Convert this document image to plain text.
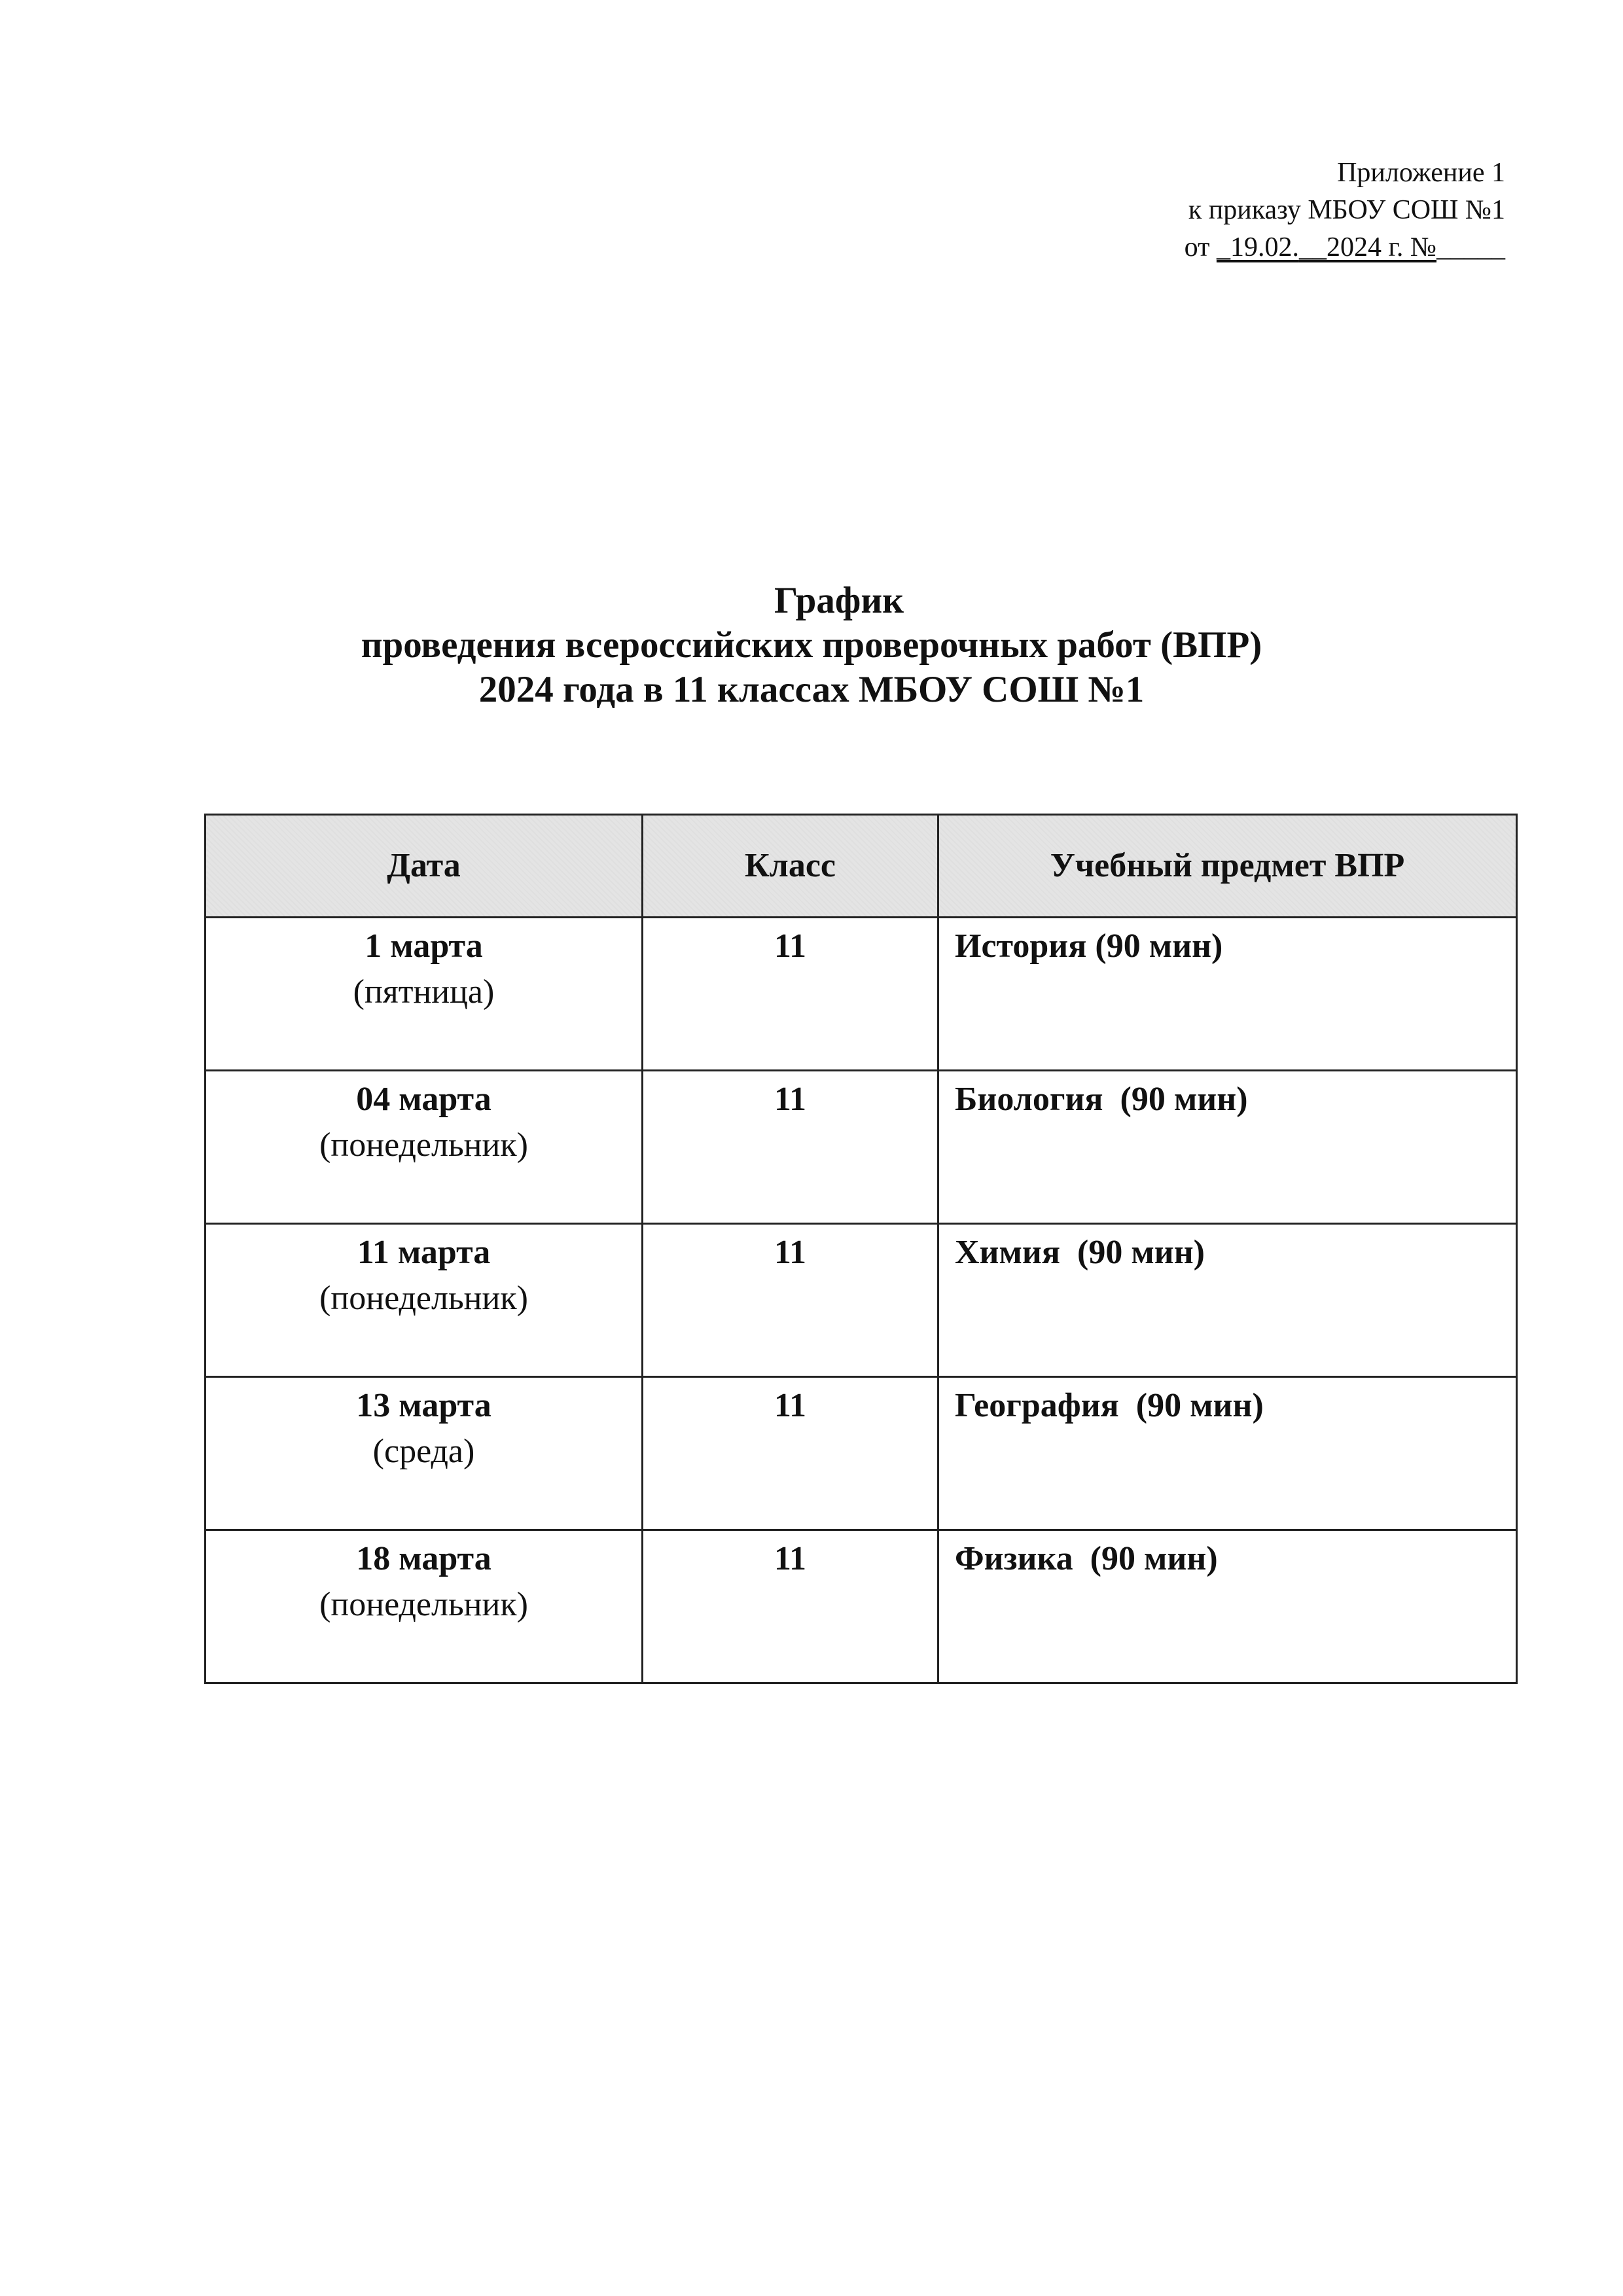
Приложение 1
к приказу МБОУ СОШ №1
от _19.02.__2024 г. №_____
График
проведения всероссийских проверочных работ (ВПР)
2024 года в 11 классах МБОУ СОШ №1
Дата	Класс	Учебный предмет ВПР

1 марта
(пятница)	11	История (90 мин)

04 марта
(понедельник)	11	Биология  (90 мин)

11 марта
(понедельник)	11	Химия  (90 мин)

13 марта
(среда)	11	География  (90 мин)

18 марта
(понедельник)	11	Физика  (90 мин)
